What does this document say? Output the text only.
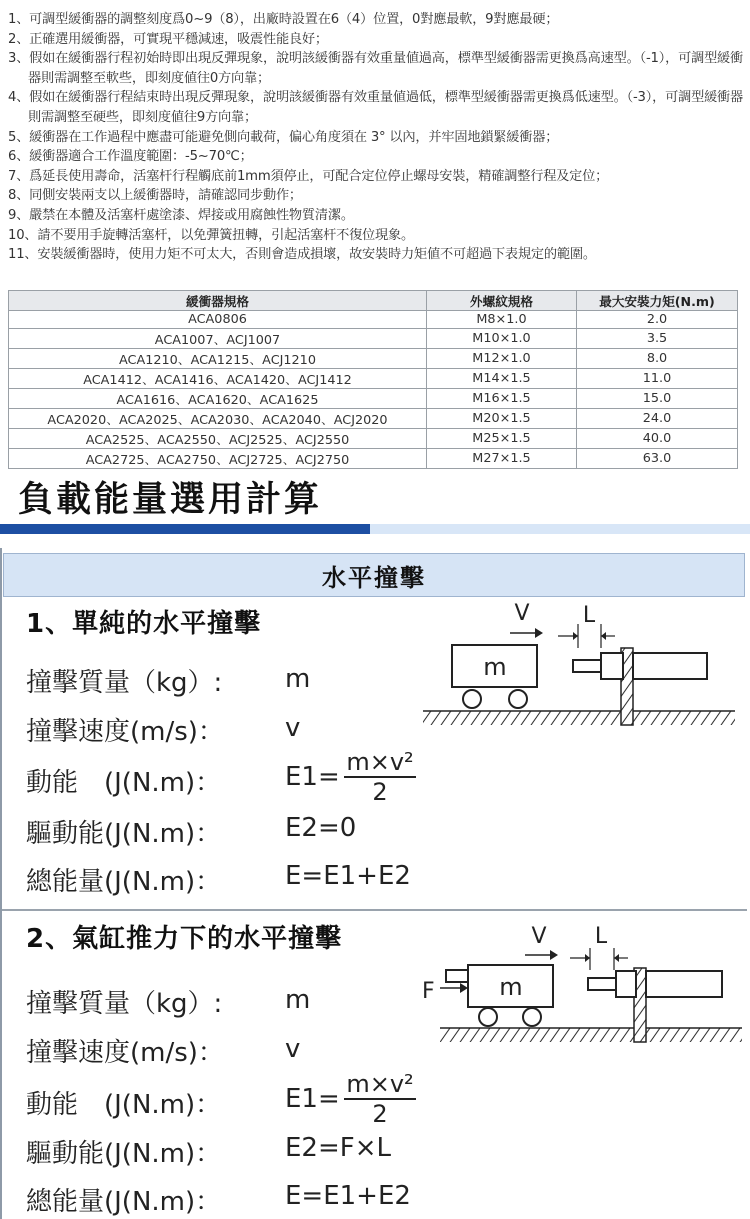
1、可調型緩衝器的調整刻度爲0~9（8），出廠時設置在6（4）位置，0對應最軟，9對應最硬；

2、正確選用緩衝器，可實現平穩減速，吸震性能良好；

3、假如在緩衝器行程初始時即出現反彈現象，說明該緩衝器有效重量値過高，標準型緩衝器需更換爲高速型。（-1），可調型緩衝器則需調整至軟些，即刻度値往0方向靠；

4、假如在緩衝器行程結束時出現反彈現象，說明該緩衝器有效重量値過低，標準型緩衝器需更換爲低速型。（-3），可調型緩衝器則需調整至硬些，即刻度値往9方向靠；

5、緩衝器在工作過程中應盡可能避免側向載荷，偏心角度須在 3° 以內，并牢固地鎖緊緩衝器；

6、緩衝器適合工作溫度範圍：-5~70℃；

7、爲延長使用壽命，活塞杆行程觸底前1mm須停止，可配合定位停止螺母安裝，精確調整行程及定位；

8、同側安裝兩支以上緩衝器時，請確認同步動作；

9、嚴禁在本體及活塞杆處塗漆、焊接或用腐蝕性物質清潔。

10、請不要用手旋轉活塞杆，以免彈簧扭轉，引起活塞杆不復位現象。

11、安裝緩衝器時，使用力矩不可太大，否則會造成損壞，故安裝時力矩値不可超過下表規定的範圍。

緩衝器規格	外螺紋規格	最大安裝力矩(N.m)
ACA0806	M8×1.0	2.0
ACA1007、ACJ1007	M10×1.0	3.5
ACA1210、ACA1215、ACJ1210	M12×1.0	8.0
ACA1412、ACA1416、ACA1420、ACJ1412	M14×1.5	11.0
ACA1616、ACA1620、ACA1625	M16×1.5	15.0
ACA2020、ACA2025、ACA2030、ACA2040、ACJ2020	M20×1.5	24.0
ACA2525、ACA2550、ACJ2525、ACJ2550	M25×1.5	40.0
ACA2725、ACA2750、ACJ2725、ACJ2750	M27×1.5	63.0
負載能量選用計算
水平撞擊
1、單純的水平撞擊
撞擊質量（kg）: m
撞擊速度(m/s)： v
動能　(J(N.m)： $E1= \frac{\text{m×v²}}{2}$
驅動能(J(N.m)： E2=0
總能量(J(N.m)： E=E1+E2
m
V L
2、氣缸推力下的水平撞擊
撞擊質量（kg）: m
撞擊速度(m/s)： v
動能　(J(N.m)： $E1= \frac{\text{m×v²}}{2}$
驅動能(J(N.m)： E2=F×L
總能量(J(N.m)： E=E1+E2
F	m
V L
